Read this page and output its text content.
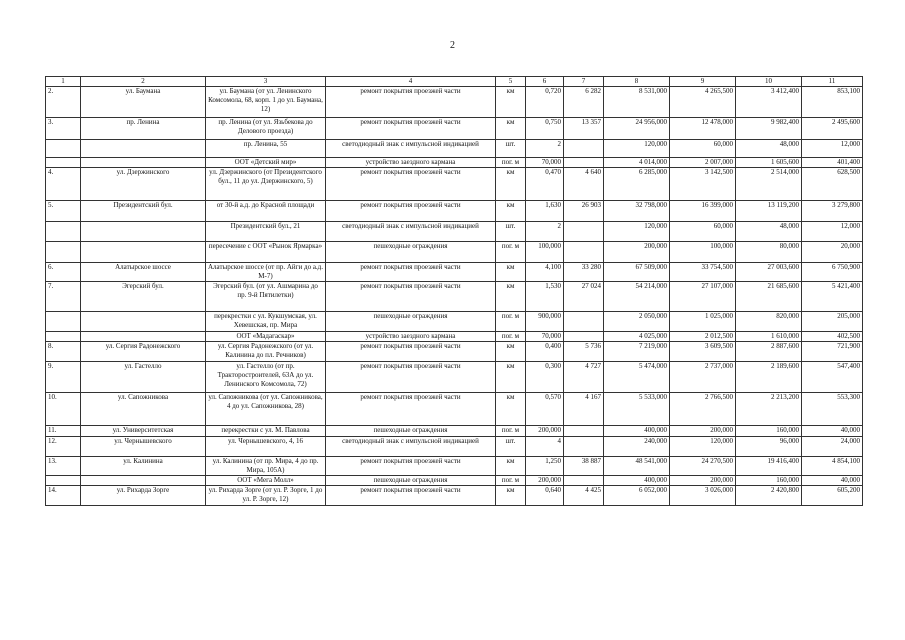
2
1	2	3	4	5	6	7	8	9	10	11
2.	ул. Баумана	ул. Баумана (от ул. Ленинского Комсомола, 68, корп. 1 до ул. Баумана, 12)	ремонт покрытия проезжей части	км	0,720	6 282	8 531,000	4 265,500	3 412,400	853,100
3.	пр. Ленина	пр. Ленина (от ул. Язьбекова до Делового проезда)	ремонт покрытия проезжей части	км	0,750	13 357	24 956,000	12 478,000	9 982,400	2 495,600
		пр. Ленина, 55	светодиодный знак с импульсной индикацией	шт.	2		120,000	60,000	48,000	12,000
		ООТ «Детский мир»	устройство заездного кармана	пог. м	70,000		4 014,000	2 007,000	1 605,600	401,400
4.	ул. Дзержинского	ул. Дзержинского (от Президентского бул., 11 до ул. Дзержинского, 5)	ремонт покрытия проезжей части	км	0,470	4 640	6 285,000	3 142,500	2 514,000	628,500
5.	Президентский бул.	от 30-й а.д. до Красной площади	ремонт покрытия проезжей части	км	1,630	26 903	32 798,000	16 399,000	13 119,200	3 279,800
		Президентский бул., 21	светодиодный знак с импульсной индикацией	шт.	2		120,000	60,000	48,000	12,000
		пересечение с ООТ «Рынок Ярмарка»	пешеходные ограждения	пог. м	100,000		200,000	100,000	80,000	20,000
6.	Алатырское шоссе	Алатырское шоссе (от пр. Айги до а.д. М-7)	ремонт покрытия проезжей части	км	4,100	33 280	67 509,000	33 754,500	27 003,600	6 750,900
7.	Эгерский бул.	Эгерский бул. (от ул. Ашмарина до пр. 9-й Пятилетки)	ремонт покрытия проезжей части	км	1,530	27 024	54 214,000	27 107,000	21 685,600	5 421,400
		перекрестки с ул. Кукшумская, ул. Хевешская, пр. Мира	пешеходные ограждения	пог. м	900,000		2 050,000	1 025,000	820,000	205,000
		ООТ «Мадагаскар»	устройство заездного кармана	пог. м	70,000		4 025,000	2 012,500	1 610,000	402,500
8.	ул. Сергия Радонежского	ул. Сергия Радонежского (от ул. Калинина до пл. Речников)	ремонт покрытия проезжей части	км	0,400	5 736	7 219,000	3 609,500	2 887,600	721,900
9.	ул. Гастелло	ул. Гастелло (от пр. Тракторостроителей, 63А до ул. Ленинского Комсомола, 72)	ремонт покрытия проезжей части	км	0,300	4 727	5 474,000	2 737,000	2 189,600	547,400
10.	ул. Сапожникова	ул. Сапожникова (от ул. Сапожникова, 4 до ул. Сапожникова, 28)	ремонт покрытия проезжей части	км	0,570	4 167	5 533,000	2 766,500	2 213,200	553,300
11.	ул. Университетская	перекрестки с ул. М. Павлова	пешеходные ограждения	пог. м	200,000		400,000	200,000	160,000	40,000
12.	ул. Чернышевского	ул. Чернышевского, 4, 16	светодиодный знак с импульсной индикацией	шт.	4		240,000	120,000	96,000	24,000
13.	ул. Калинина	ул. Калинина (от пр. Мира, 4 до пр. Мира, 105А)	ремонт покрытия проезжей части	км	1,250	38 887	48 541,000	24 270,500	19 416,400	4 854,100
		ООТ «Мега Молл»	пешеходные ограждения	пог. м	200,000		400,000	200,000	160,000	40,000
14.	ул. Рихарда Зорге	ул. Рихарда Зорге (от ул. Р. Зорге, 1 до ул. Р. Зорге, 12)	ремонт покрытия проезжей части	км	0,640	4 425	6 052,000	3 026,000	2 420,800	605,200
